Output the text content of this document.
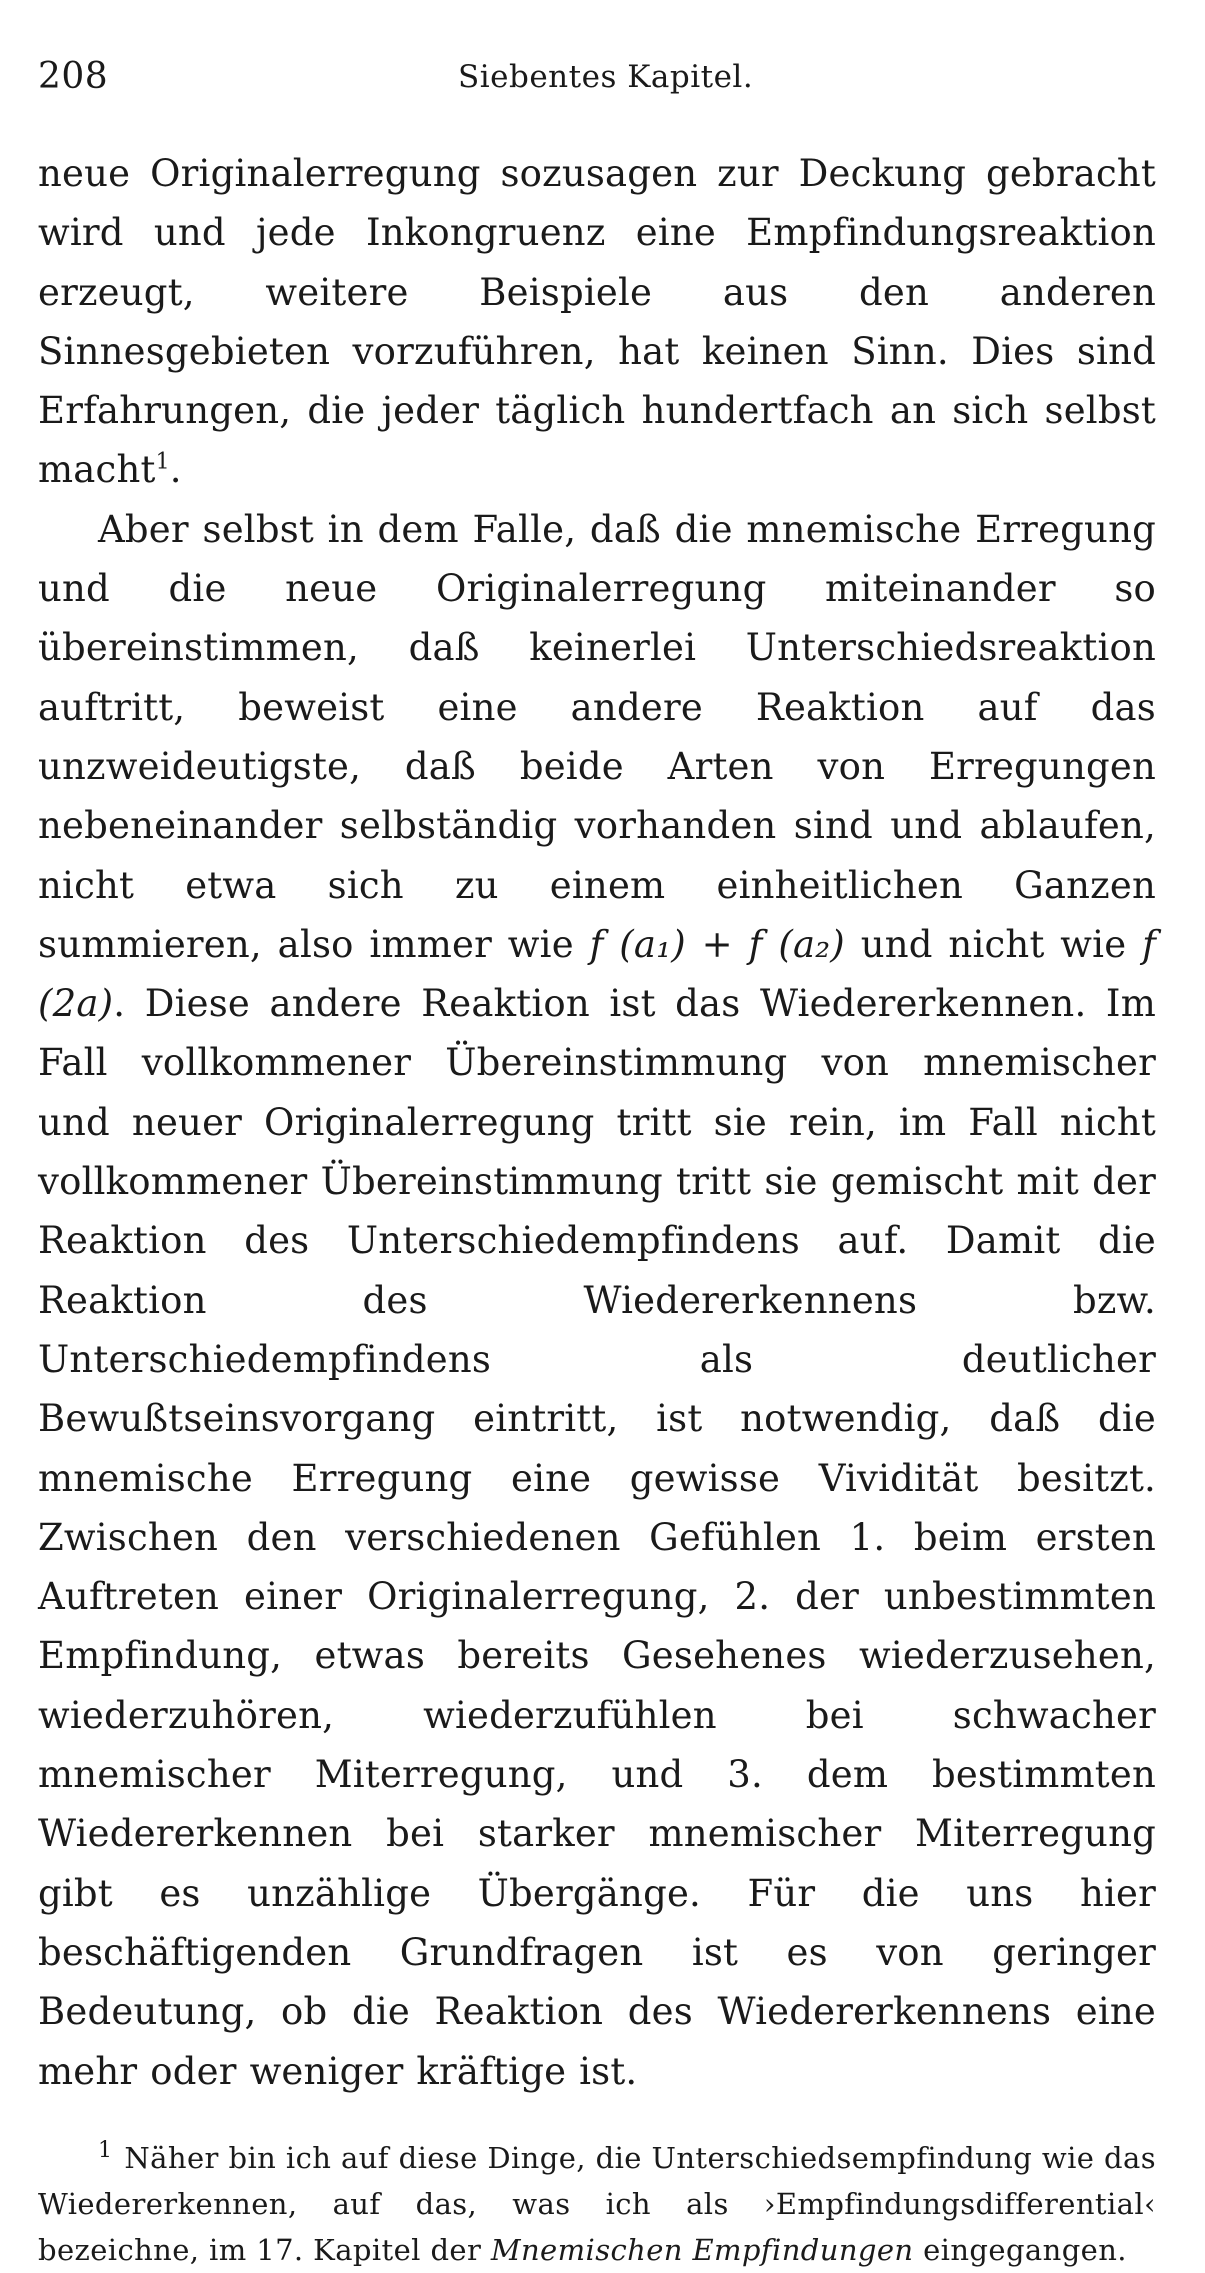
208	Siebentes Kapitel.

neue Originalerregung sozusagen zur Deckung gebracht wird und jede Inkongruenz eine Empfindungsreaktion erzeugt, weitere Beispiele aus den anderen Sinnesgebieten vorzuführen, hat keinen Sinn. Dies sind Erfahrungen, die jeder täglich hundertfach an sich selbst macht$^1$.

Aber selbst in dem Falle, daß die mnemische Erregung und die neue Originalerregung miteinander so übereinstimmen, daß keinerlei Unterschiedsreaktion auftritt, beweist eine andere Reaktion auf das unzweideutigste, daß beide Arten von Erregungen nebeneinander selbständig vorhanden sind und ablaufen, nicht etwa sich zu einem einheitlichen Ganzen summieren, also immer wie f (a₁) + f (a₂) und nicht wie f (2a). Diese andere Reaktion ist das Wiedererkennen. Im Fall vollkommener Übereinstimmung von mnemischer und neuer Originalerregung tritt sie rein, im Fall nicht vollkommener Übereinstimmung tritt sie gemischt mit der Reaktion des Unterschiedempfindens auf. Damit die Reaktion des Wiedererkennens bzw. Unterschiedempfindens als deutlicher Bewußtseinsvorgang eintritt, ist notwendig, daß die mnemische Erregung eine gewisse Vividität besitzt. Zwischen den verschiedenen Gefühlen 1. beim ersten Auftreten einer Originalerregung, 2. der unbestimmten Empfindung, etwas bereits Gesehenes wiederzusehen, wiederzuhören, wiederzufühlen bei schwacher mnemischer Miterregung, und 3. dem bestimmten Wiedererkennen bei starker mnemischer Miterregung gibt es unzählige Übergänge. Für die uns hier beschäftigenden Grundfragen ist es von geringer Bedeutung, ob die Reaktion des Wiedererkennens eine mehr oder weniger kräftige ist.

$^1$ Näher bin ich auf diese Dinge, die Unterschiedsempfindung wie das Wiedererkennen, auf das, was ich als ›Empfindungsdifferential‹ bezeichne, im 17. Kapitel der Mnemischen Empfindungen eingegangen.
